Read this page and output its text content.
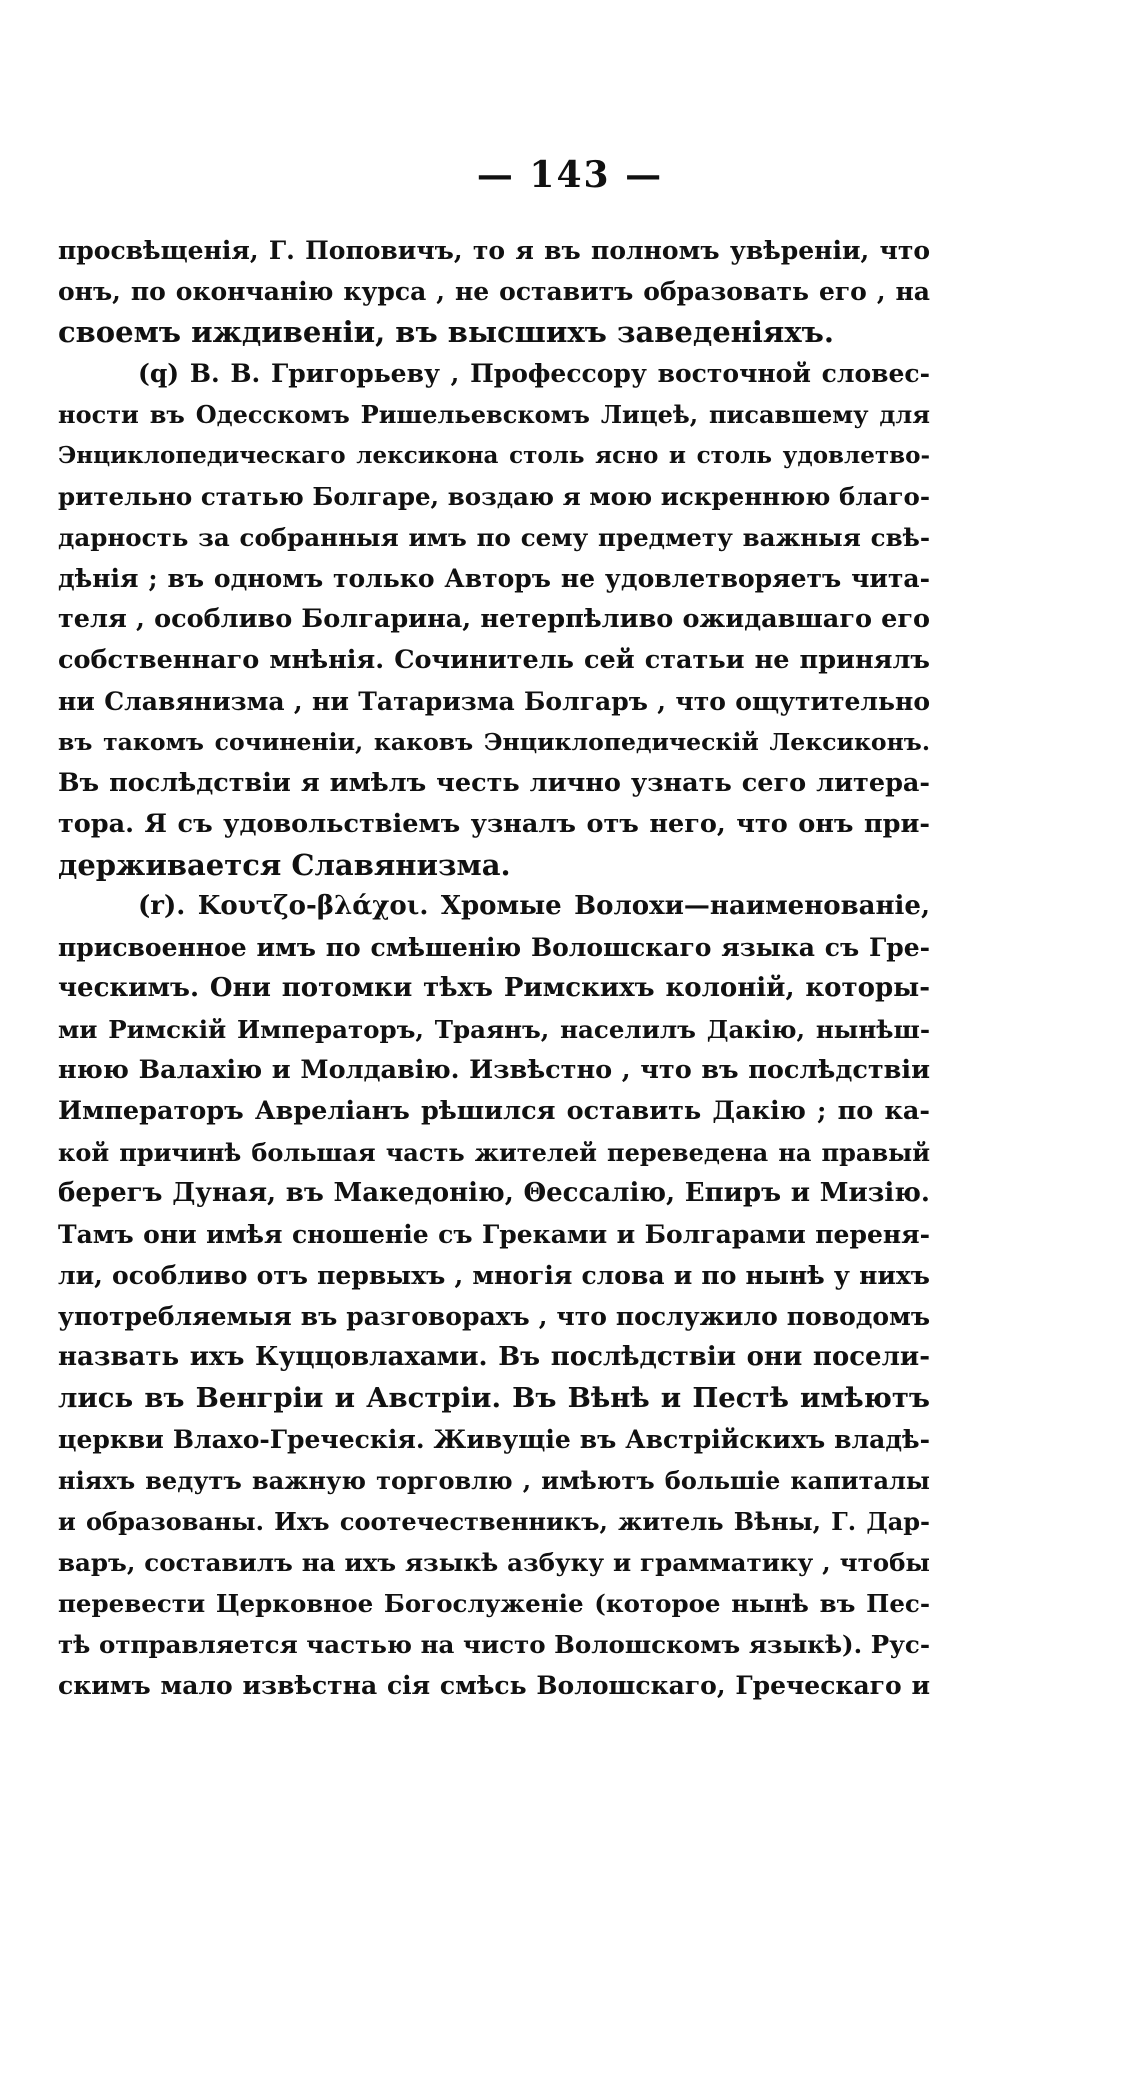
— 143 —
просвѣщенія, Г. Поповичъ, то я въ полномъ увѣреніи, что
онъ, по окончанію курса , не оставитъ образовать его , на
своемъ иждивеніи, въ высшихъ заведеніяхъ.
(q) В. В. Григорьеву , Профессору восточной словес-
ности въ Одесскомъ Ришельевскомъ Лицеѣ, писавшему для
Энциклопедическаго лексикона столь ясно и столь удовлетво-
рительно статью Болгаре, воздаю я мою искреннюю благо-
дарность за собранныя имъ по сему предмету важныя свѣ-
дѣнія ; въ одномъ только Авторъ не удовлетворяетъ чита-
теля , особливо Болгарина, нетерпѣливо ожидавшаго его
собственнаго мнѣнія. Сочинитель сей статьи не принялъ
ни Славянизма , ни Татаризма Болгаръ , что ощутительно
въ такомъ сочиненіи, каковъ Энциклопедическій Лексиконъ.
Въ послѣдствіи я имѣлъ честь лично узнать сего литера-
тора. Я съ удовольствіемъ узналъ отъ него, что онъ при-
держивается Славянизма.
(r). Κουτζο-βλάχοι. Хромые Волохи—наименованіе,
присвоенное имъ по смѣшенію Волошскаго языка съ Гре-
ческимъ. Они потомки тѣхъ Римскихъ колоній, которы-
ми Римскій Императоръ, Траянъ, населилъ Дакію, нынѣш-
нюю Валахію и Молдавію. Извѣстно , что въ послѣдствіи
Императоръ Авреліанъ рѣшился оставить Дакію ; по ка-
кой причинѣ большая часть жителей переведена на правый
берегъ Дуная, въ Македонію, Θессалію, Епиръ и Мизію.
Тамъ они имѣя сношеніе съ Греками и Болгарами переня-
ли, особливо отъ первыхъ , многія слова и по нынѣ у нихъ
употребляемыя въ разговорахъ , что послужило поводомъ
назвать ихъ Куццовлахами. Въ послѣдствіи они посели-
лись въ Венгріи и Австріи. Въ Вѣнѣ и Пестѣ имѣютъ
церкви Влахо-Греческія. Живущіе въ Австрійскихъ владѣ-
ніяхъ ведутъ важную торговлю , имѣютъ большіе капиталы
и образованы. Ихъ соотечественникъ, житель Вѣны, Г. Дар-
варъ, составилъ на ихъ языкѣ азбуку и грамматику , чтобы
перевести Церковное Богослуженіе (которое нынѣ въ Пес-
тѣ отправляется частью на чисто Волошскомъ языкѣ). Рус-
скимъ мало извѣстна сія смѣсь Волошскаго, Греческаго и
